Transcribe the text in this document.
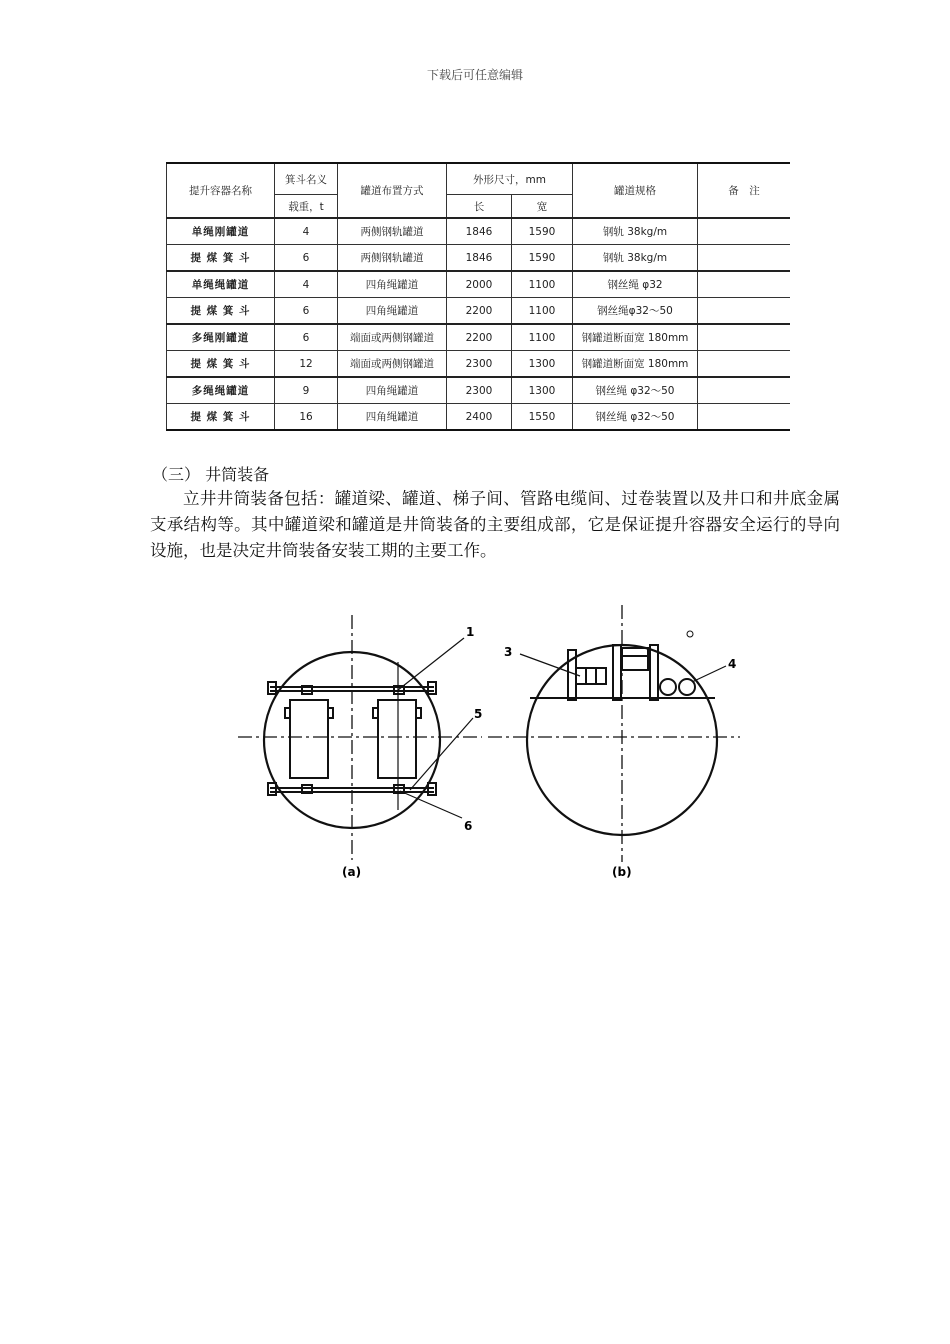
下载后可任意编辑
提升容器名称	箕斗名义	罐道布置方式	外形尺寸，mm		罐道规格	备　注
	载重，t		长	宽		
单绳刚罐道	4	两侧钢轨罐道	1846	1590	钢轨 38kg/m	
提 煤 箕 斗	6	两侧钢轨罐道	1846	1590	钢轨 38kg/m	
单绳绳罐道	4	四角绳罐道	2000	1100	钢丝绳 φ32	
提 煤 箕 斗	6	四角绳罐道	2200	1100	钢丝绳φ32～50	
多绳刚罐道	6	端面或两侧钢罐道	2200	1100	钢罐道断面宽 180mm	
提 煤 箕 斗	12	端面或两侧钢罐道	2300	1300	钢罐道断面宽 180mm	
多绳绳罐道	9	四角绳罐道	2300	1300	钢丝绳 φ32～50	
提 煤 箕 斗	16	四角绳罐道	2400	1550	钢丝绳 φ32～50	
（三） 井筒装备
立井井筒装备包括：罐道梁、罐道、梯子间、管路电缆间、过卷装置以及井口和井底金属支承结构等。其中罐道梁和罐道是井筒装备的主要组成部，它是保证提升容器安全运行的导向设施，也是决定井筒装备安装工期的主要工作。
1
3
4
5
6
(a)	(b)
